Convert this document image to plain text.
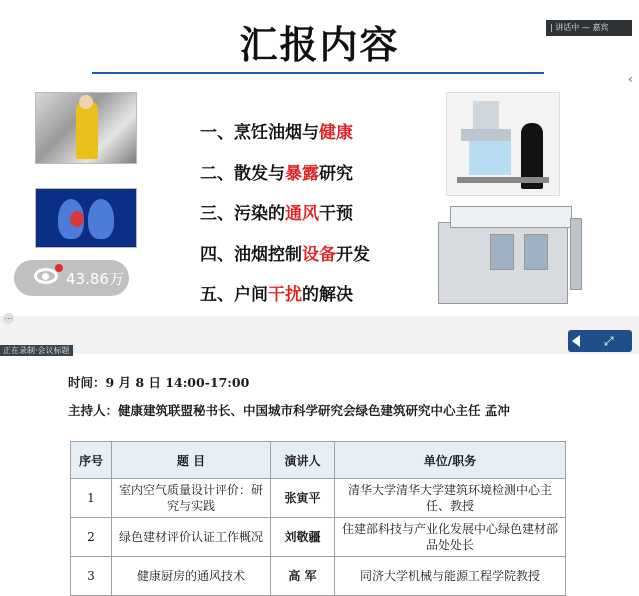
汇报内容
一、烹饪油烟与健康
二、散发与暴露研究
三、污染的通风干预
四、油烟控制设备开发
五、户间干扰的解决
43.86万
| 讲话中 — 嘉宾
‹
⋯
正在录制·会议标题
⤢
时间：9 月 8 日 14:00-17:00
主持人：健康建筑联盟秘书长、中国城市科学研究会绿色建筑研究中心主任 孟冲
序号	题 目	演讲人	单位/职务
1	室内空气质量设计评价：研究与实践	张寅平	清华大学清华大学建筑环境检测中心主任、教授
2	绿色建材评价认证工作概况	刘敬疆	住建部科技与产业化发展中心绿色建材部品处处长
3	健康厨房的通风技术	高 军	同济大学机械与能源工程学院教授
